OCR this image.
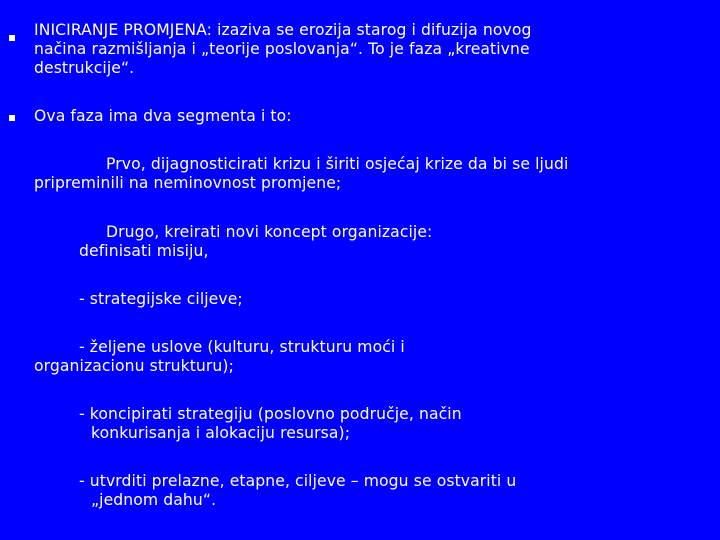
INICIRANJE PROMJENA: izaziva se erozija starog i difuzija novog
načina razmišljanja i „teorije poslovanja“. To je faza „kreativne
destrukcije“.
Ova faza ima dva segmenta i to:
Prvo, dijagnosticirati krizu i širiti osjećaj krize da bi se ljudi
pripreminili na neminovnost promjene;
Drugo, kreirati novi koncept organizacije:
definisati misiju,
- strategijske ciljeve;
- željene uslove (kulturu, strukturu moći i
organizacionu strukturu);
- koncipirati strategiju (poslovno područje, način
konkurisanja i alokaciju resursa);
- utvrditi prelazne, etapne, ciljeve – mogu se ostvariti u
„jednom dahu“.
